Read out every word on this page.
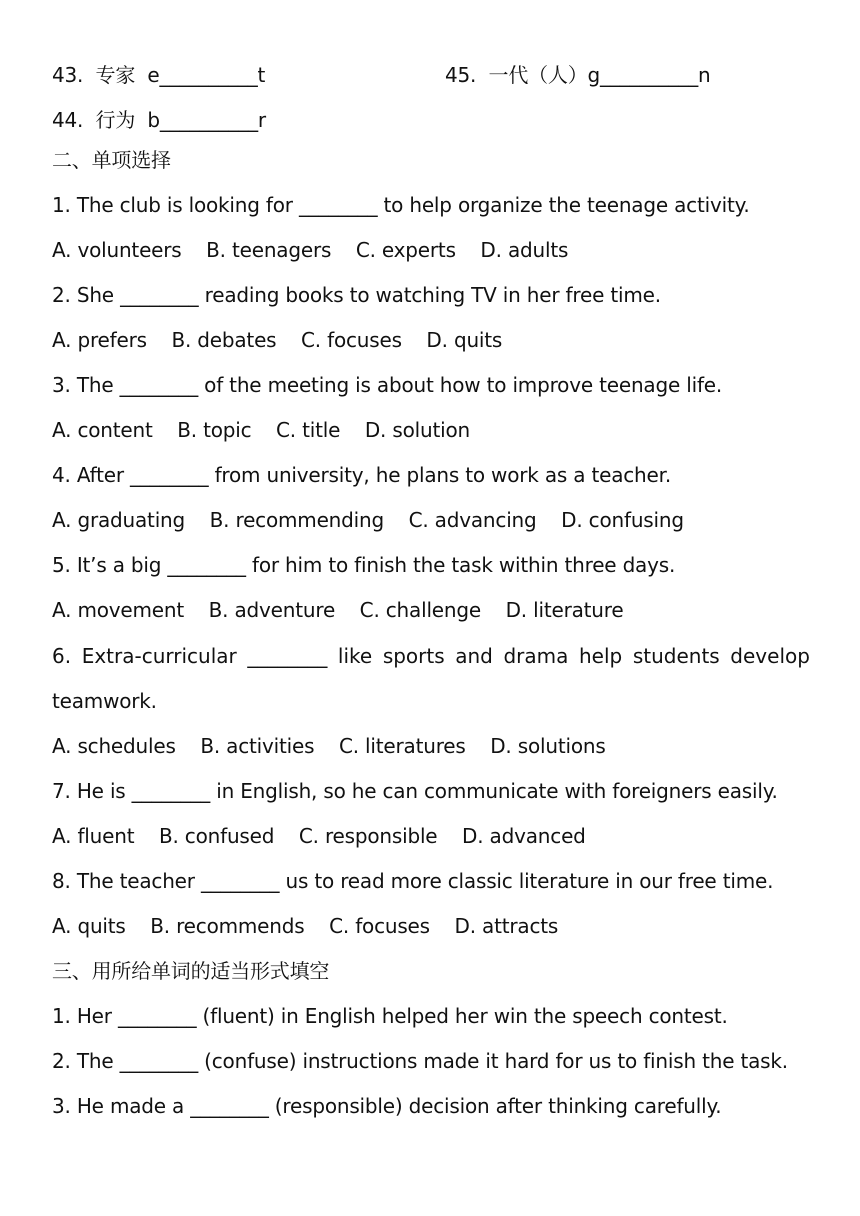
43.  专家  e__________t	45.  一代（人）g__________n
44.  行为  b__________r
二、单项选择
1. The club is looking for ________ to help organize the teenage activity.
A. volunteers    B. teenagers    C. experts    D. adults
2. She ________ reading books to watching TV in her free time.
A. prefers    B. debates    C. focuses    D. quits
3. The ________ of the meeting is about how to improve teenage life.
A. content    B. topic    C. title    D. solution
4. After ________ from university, he plans to work as a teacher.
A. graduating    B. recommending    C. advancing    D. confusing
5. It’s a big ________ for him to finish the task within three days.
A. movement    B. adventure    C. challenge    D. literature
6. Extra-curricular ________ like sports and drama help students develop
teamwork.
A. schedules    B. activities    C. literatures    D. solutions
7. He is ________ in English, so he can communicate with foreigners easily.
A. fluent    B. confused    C. responsible    D. advanced
8. The teacher ________ us to read more classic literature in our free time.
A. quits    B. recommends    C. focuses    D. attracts
三、用所给单词的适当形式填空
1. Her ________ (fluent) in English helped her win the speech contest.
2. The ________ (confuse) instructions made it hard for us to finish the task.
3. He made a ________ (responsible) decision after thinking carefully.
